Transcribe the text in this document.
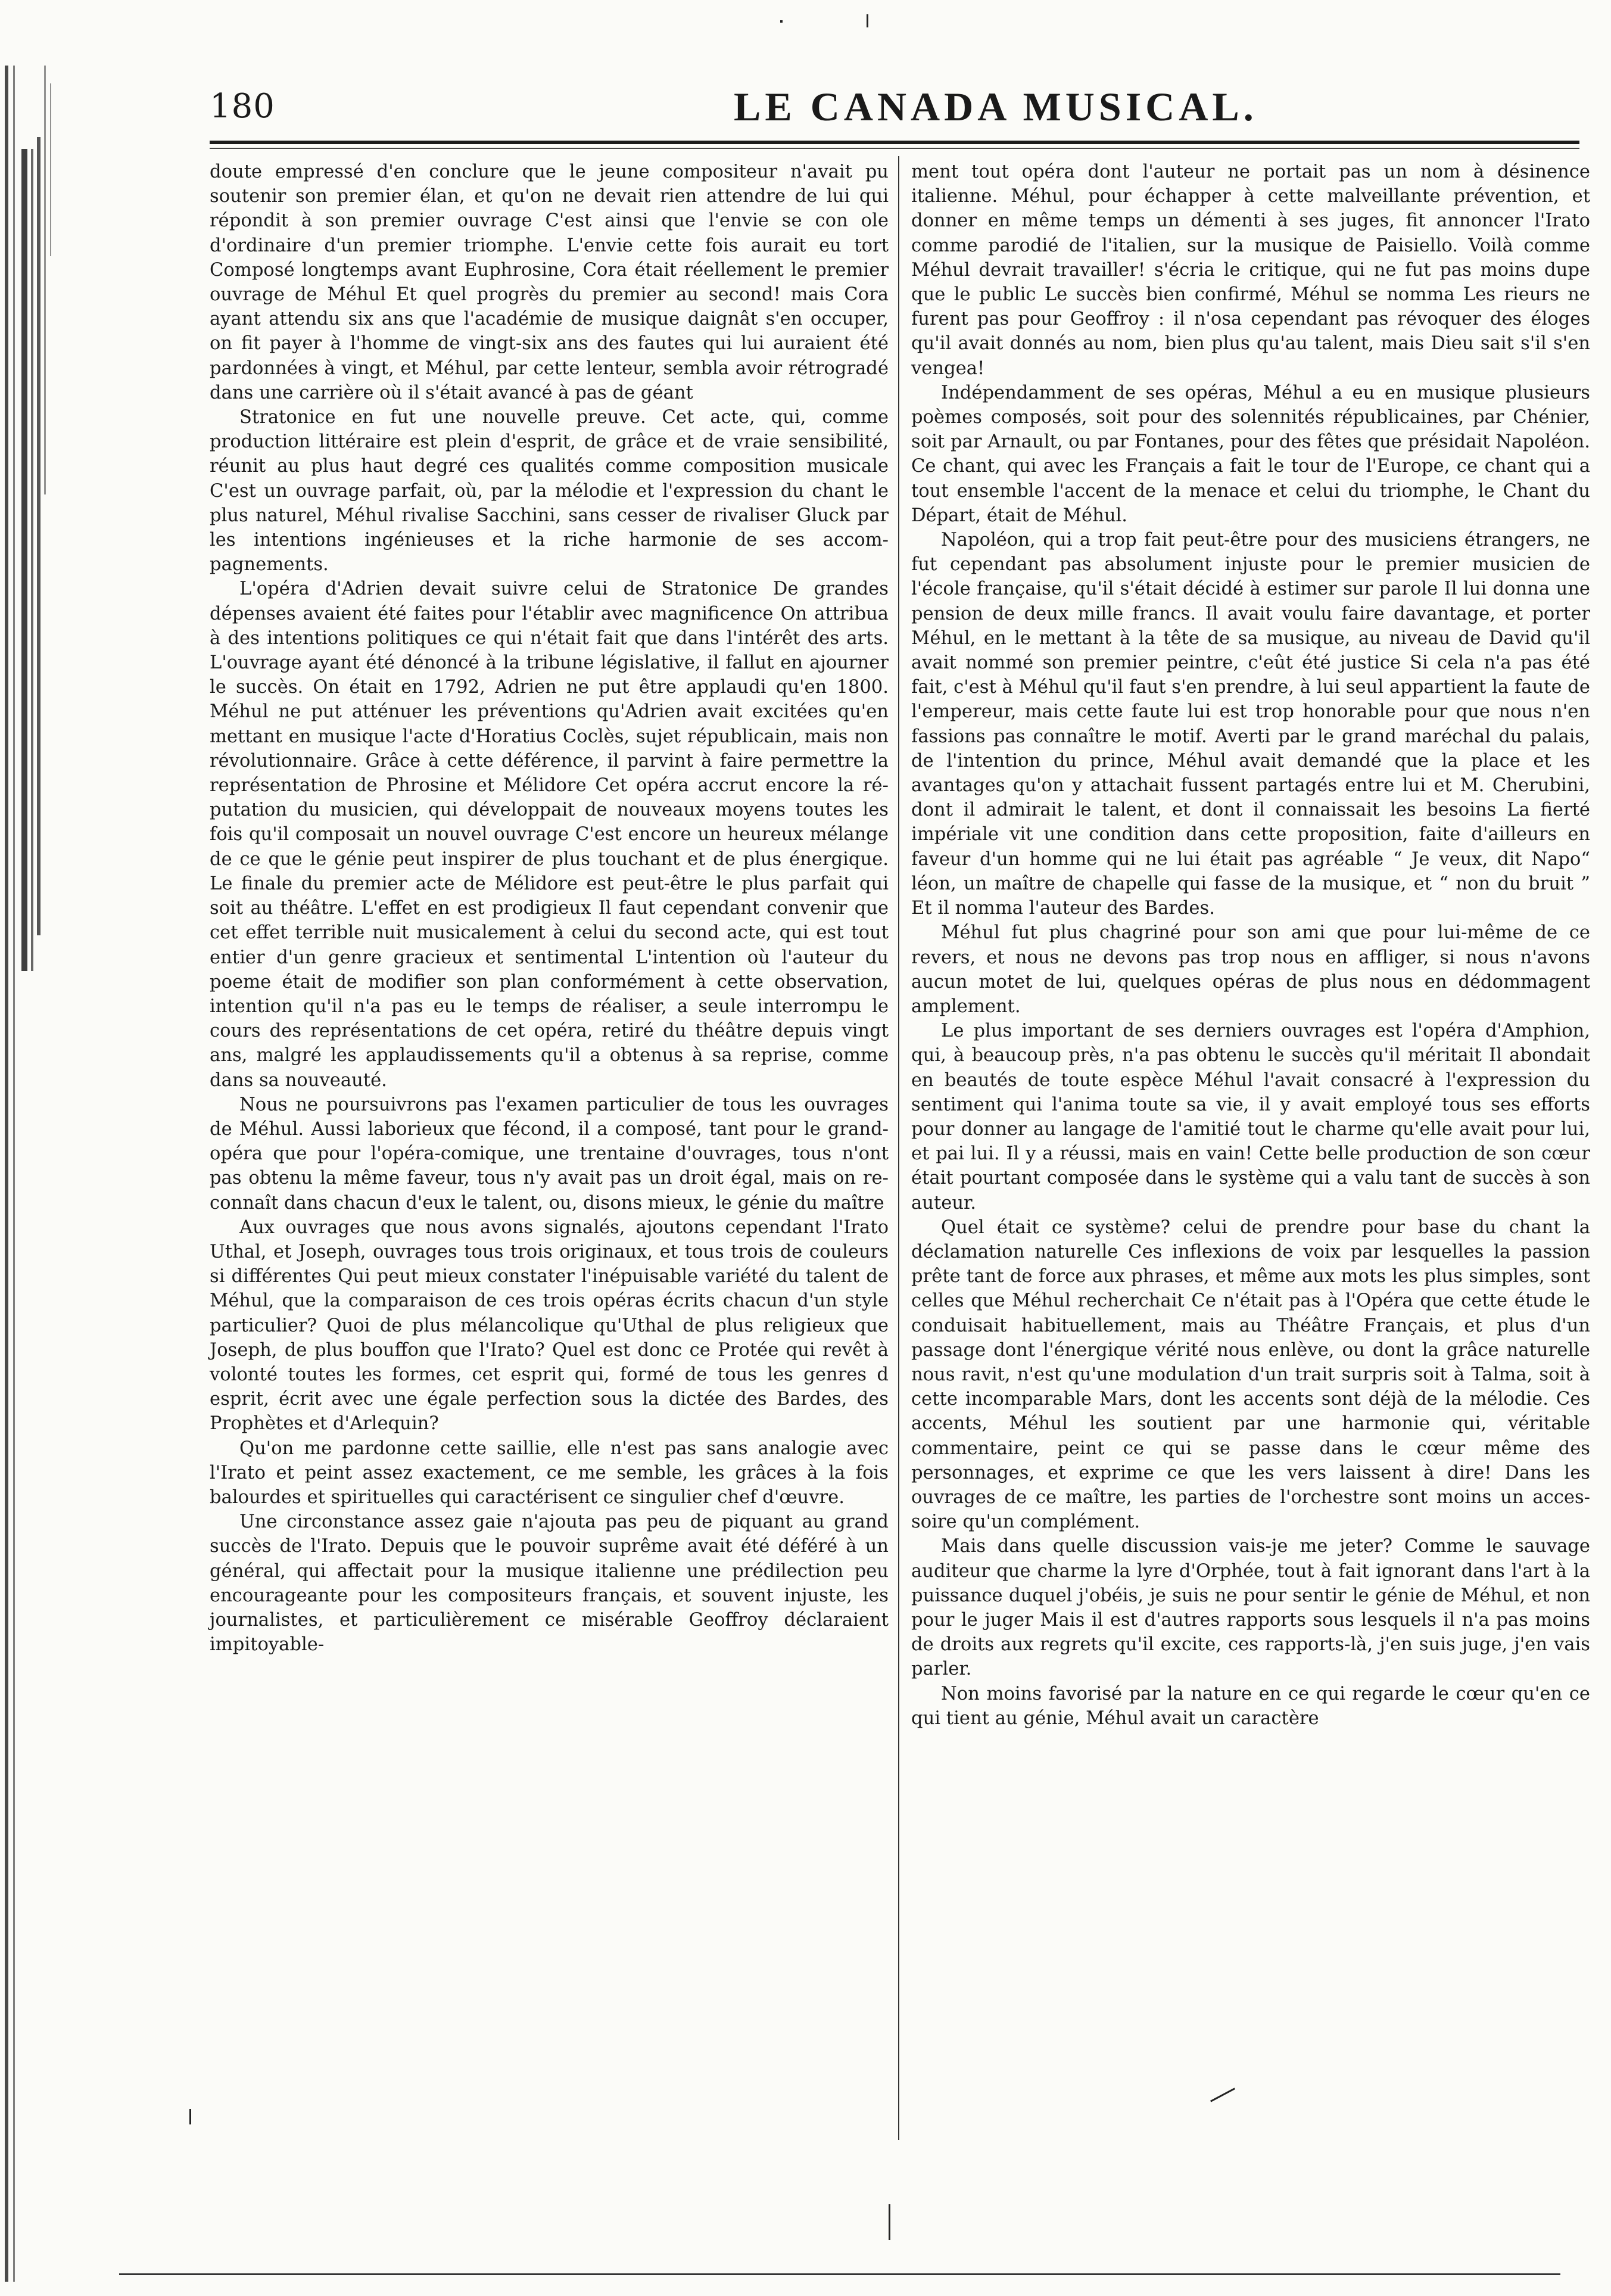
180	LE CANADA MUSICAL.

doute empressé d'en conclure que le jeune compositeur n'avait pu soutenir son premier élan, et qu'on ne devait rien attendre de lui qui répondit à son premier ouvrage C'est ainsi que l'envie se con ole d'ordinaire d'un premier triomphe. L'envie cette fois aurait eu tort Composé longtemps avant Euphrosine, Cora était réellement le premier ouvrage de Méhul Et quel progrès du premier au second! mais Cora ayant attendu six ans que l'académie de musique daignât s'en occuper, on fit payer à l'homme de vingt-six ans des fautes qui lui auraient été pardonnées à vingt, et Méhul, par cette lenteur, sembla avoir rétrogradé dans une carrière où il s'était avancé à pas de géant

Stratonice en fut une nouvelle preuve. Cet acte, qui, comme production littéraire est plein d'esprit, de grâce et de vraie sensibilité, réunit au plus haut degré ces qualités comme composition musicale C'est un ouvrage parfait, où, par la mélodie et l'expression du chant le plus naturel, Méhul rivalise Sacchini, sans cesser de rivaliser Gluck par les intentions ingénieuses et la riche harmonie de ses accompagnements.

L'opéra d'Adrien devait suivre celui de Stratonice De grandes dépenses avaient été faites pour l'établir avec magnificence On attribua à des intentions politiques ce qui n'était fait que dans l'intérêt des arts. L'ouvrage ayant été dénoncé à la tribune législative, il fallut en ajourner le succès. On était en 1792, Adrien ne put être applaudi qu'en 1800. Méhul ne put atténuer les préventions qu'Adrien avait excitées qu'en mettant en musique l'acte d'Horatius Coclès, sujet républicain, mais non révolutionnaire. Grâce à cette déférence, il parvint à faire permettre la représentation de Phrosine et Mélidore Cet opéra accrut encore la réputation du musicien, qui développait de nouveaux moyens toutes les fois qu'il composait un nouvel ouvrage C'est encore un heureux mélange de ce que le génie peut inspirer de plus touchant et de plus énergique. Le finale du premier acte de Mélidore est peut-être le plus parfait qui soit au théâtre. L'effet en est prodigieux Il faut cependant convenir que cet effet terrible nuit musicalement à celui du second acte, qui est tout entier d'un genre gracieux et sentimental L'intention où l'auteur du poeme était de modifier son plan conformément à cette observation, intention qu'il n'a pas eu le temps de réaliser, a seule interrompu le cours des représentations de cet opéra, retiré du théâtre depuis vingt ans, malgré les applaudissements qu'il a obtenus à sa reprise, comme dans sa nouveauté.

Nous ne poursuivrons pas l'examen particulier de tous les ouvrages de Méhul. Aussi laborieux que fécond, il a composé, tant pour le grand-opéra que pour l'opéra-comique, une trentaine d'ouvrages, tous n'ont pas obtenu la même faveur, tous n'y avait pas un droit égal, mais on reconnaît dans chacun d'eux le talent, ou, disons mieux, le génie du maître

Aux ouvrages que nous avons signalés, ajoutons cependant l'Irato Uthal, et Joseph, ouvrages tous trois originaux, et tous trois de couleurs si différentes Qui peut mieux constater l'inépuisable variété du talent de Méhul, que la comparaison de ces trois opéras écrits chacun d'un style particulier? Quoi de plus mélancolique qu'Uthal de plus religieux que Joseph, de plus bouffon que l'Irato? Quel est donc ce Protée qui revêt à volonté toutes les formes, cet esprit qui, formé de tous les genres d esprit, écrit avec une égale perfection sous la dictée des Bardes, des Prophètes et d'Arlequin?

Qu'on me pardonne cette saillie, elle n'est pas sans analogie avec l'Irato et peint assez exactement, ce me semble, les grâces à la fois balourdes et spirituelles qui caractérisent ce singulier chef d'œuvre.

Une circonstance assez gaie n'ajouta pas peu de piquant au grand succès de l'Irato. Depuis que le pouvoir suprême avait été déféré à un général, qui affectait pour la musique italienne une prédilection peu encourageante pour les compositeurs français, et souvent injuste, les journalistes, et particulièrement ce misérable Geoffroy déclaraient impitoyable-

ment tout opéra dont l'auteur ne portait pas un nom à désinence italienne. Méhul, pour échapper à cette malveillante prévention, et donner en même temps un démenti à ses juges, fit annoncer l'Irato comme parodié de l'italien, sur la musique de Paisiello. Voilà comme Méhul devrait travailler! s'écria le critique, qui ne fut pas moins dupe que le public Le succès bien confirmé, Méhul se nomma Les rieurs ne furent pas pour Geoffroy : il n'osa cependant pas révoquer des éloges qu'il avait donnés au nom, bien plus qu'au talent, mais Dieu sait s'il s'en vengea!

Indépendamment de ses opéras, Méhul a eu en musique plusieurs poèmes composés, soit pour des solennités républicaines, par Chénier, soit par Arnault, ou par Fontanes, pour des fêtes que présidait Napoléon. Ce chant, qui avec les Français a fait le tour de l'Europe, ce chant qui a tout ensemble l'accent de la menace et celui du triomphe, le Chant du Départ, était de Méhul.

Napoléon, qui a trop fait peut-être pour des musiciens étrangers, ne fut cependant pas absolument injuste pour le premier musicien de l'école française, qu'il s'était décidé à estimer sur parole Il lui donna une pension de deux mille francs. Il avait voulu faire davantage, et porter Méhul, en le mettant à la tête de sa musique, au niveau de David qu'il avait nommé son premier peintre, c'eût été justice Si cela n'a pas été fait, c'est à Méhul qu'il faut s'en prendre, à lui seul appartient la faute de l'empereur, mais cette faute lui est trop honorable pour que nous n'en fassions pas connaître le motif. Averti par le grand maréchal du palais, de l'intention du prince, Méhul avait demandé que la place et les avantages qu'on y attachait fussent partagés entre lui et M. Cherubini, dont il admirait le talent, et dont il connaissait les besoins La fierté impériale vit une condition dans cette proposition, faite d'ailleurs en faveur d'un homme qui ne lui était pas agréable “ Je veux, dit Napo“ léon, un maître de chapelle qui fasse de la musique, et “ non du bruit ” Et il nomma l'auteur des Bardes.

Méhul fut plus chagriné pour son ami que pour lui-même de ce revers, et nous ne devons pas trop nous en affliger, si nous n'avons aucun motet de lui, quelques opéras de plus nous en dédommagent amplement.

Le plus important de ses derniers ouvrages est l'opéra d'Amphion, qui, à beaucoup près, n'a pas obtenu le succès qu'il méritait Il abondait en beautés de toute espèce Méhul l'avait consacré à l'expression du sentiment qui l'anima toute sa vie, il y avait employé tous ses efforts pour donner au langage de l'amitié tout le charme qu'elle avait pour lui, et pai lui. Il y a réussi, mais en vain! Cette belle production de son cœur était pourtant composée dans le système qui a valu tant de succès à son auteur.

Quel était ce système? celui de prendre pour base du chant la déclamation naturelle Ces inflexions de voix par lesquelles la passion prête tant de force aux phrases, et même aux mots les plus simples, sont celles que Méhul recherchait Ce n'était pas à l'Opéra que cette étude le conduisait habituellement, mais au Théâtre Français, et plus d'un passage dont l'énergique vérité nous enlève, ou dont la grâce naturelle nous ravit, n'est qu'une modulation d'un trait surpris soit à Talma, soit à cette incomparable Mars, dont les accents sont déjà de la mélodie. Ces accents, Méhul les soutient par une harmonie qui, véritable commentaire, peint ce qui se passe dans le cœur même des personnages, et exprime ce que les vers laissent à dire! Dans les ouvrages de ce maître, les parties de l'orchestre sont moins un accessoire qu'un complément.

Mais dans quelle discussion vais-je me jeter? Comme le sauvage auditeur que charme la lyre d'Orphée, tout à fait ignorant dans l'art à la puissance duquel j'obéis, je suis ne pour sentir le génie de Méhul, et non pour le juger Mais il est d'autres rapports sous lesquels il n'a pas moins de droits aux regrets qu'il excite, ces rapports-là, j'en suis juge, j'en vais parler.

Non moins favorisé par la nature en ce qui regarde le cœur qu'en ce qui tient au génie, Méhul avait un caractère
